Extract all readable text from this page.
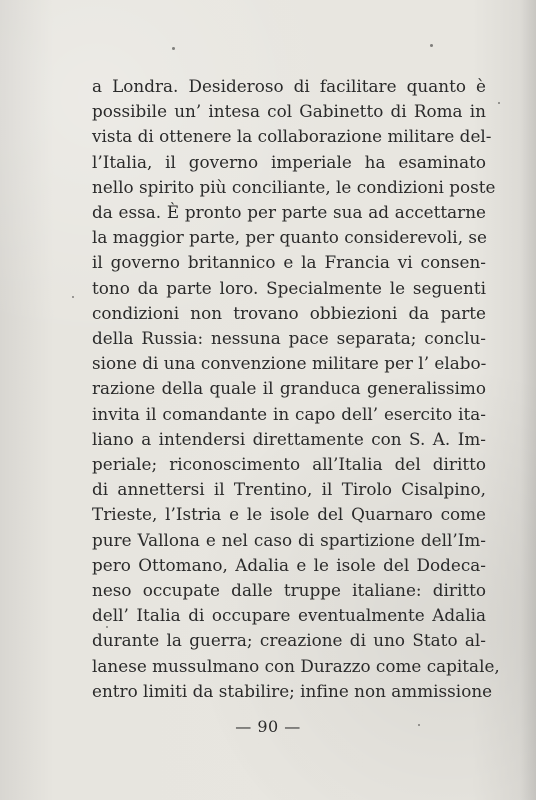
a Londra. Desideroso di facilitare quanto è
possibile un’ intesa col Gabinetto di Roma in
vista di ottenere la collaborazione militare del-
l’Italia, il governo imperiale ha esaminato
nello spirito più conciliante, le condizioni poste
da essa. È pronto per parte sua ad accettarne
la maggior parte, per quanto considerevoli, se
il governo britannico e la Francia vi consen-
tono da parte loro. Specialmente le seguenti
condizioni non trovano obbiezioni da parte
della Russia: nessuna pace separata; conclu-
sione di una convenzione militare per l’ elabo-
razione della quale il granduca generalissimo
invita il comandante in capo dell’ esercito ita-
liano a intendersi direttamente con S. A. Im-
periale; riconoscimento all’Italia del diritto
di annettersi il Trentino, il Tirolo Cisalpino,
Trieste, l’Istria e le isole del Quarnaro come
pure Vallona e nel caso di spartizione dell’Im-
pero Ottomano, Adalia e le isole del Dodeca-
neso occupate dalle truppe italiane: diritto
dell’ Italia di occupare eventualmente Adalia
durante la guerra; creazione di uno Stato al-
lanese mussulmano con Durazzo come capitale,
entro limiti da stabilire; infine non ammissione
— 90 —
